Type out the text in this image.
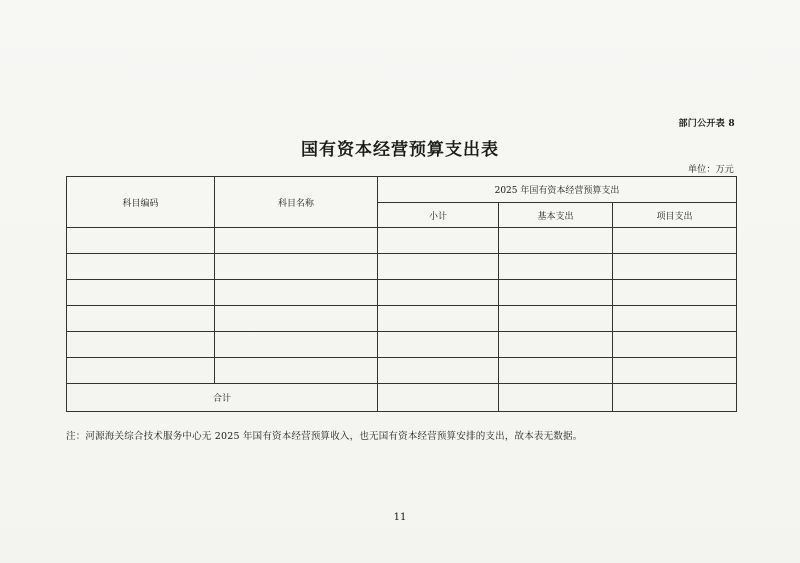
部门公开表 8
国有资本经营预算支出表
单位：万元
科目编码	科目名称	2025 年国有资本经营预算支出		
		小计	基本支出	项目支出

合计				
注：河源海关综合技术服务中心无 2025 年国有资本经营预算收入，也无国有资本经营预算安排的支出，故本表无数据。
11
